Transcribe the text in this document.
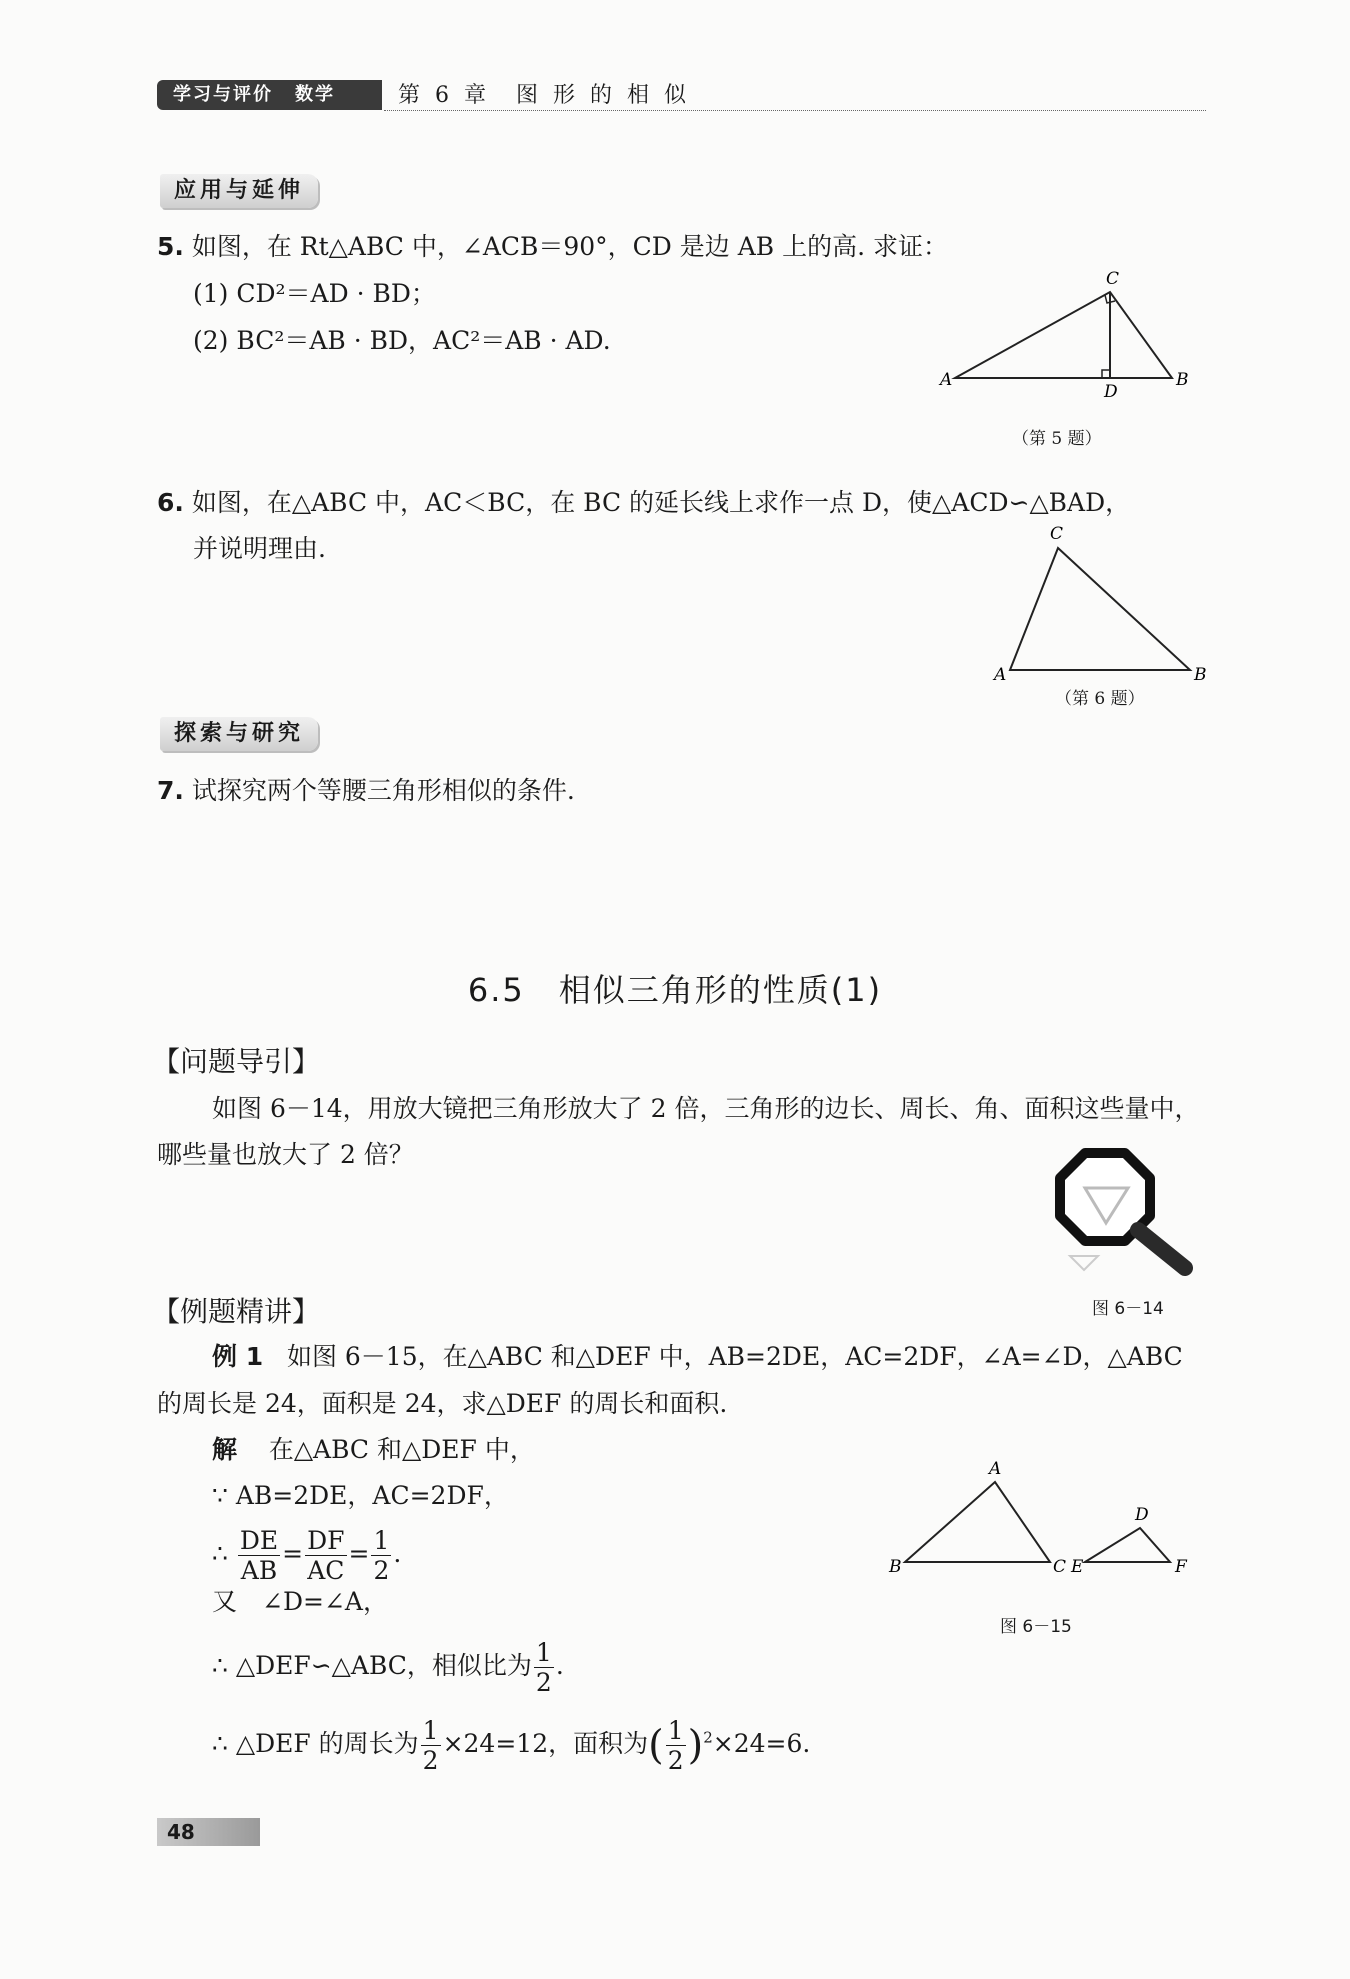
学习与评价 数学	第 6 章　图 形 的 相 似
应用与延伸
5. 如图，在 Rt△ABC 中，∠ACB＝90°，CD 是边 AB 上的高. 求证：
(1) CD²＝AD · BD；
(2) BC²＝AB · BD，AC²＝AB · AD.
A
C
B
D
（第 5 题）
6. 如图，在△ABC 中，AC＜BC，在 BC 的延长线上求作一点 D，使△ACD∽△BAD，
并说明理由.
A
C
B
（第 6 题）
探索与研究
7. 试探究两个等腰三角形相似的条件.
6.5　相似三角形的性质(1)
【问题导引】
如图 6－14，用放大镜把三角形放大了 2 倍，三角形的边长、周长、角、面积这些量中，
哪些量也放大了 2 倍？
图 6－14
【例题精讲】
例 1 如图 6－15，在△ABC 和△DEF 中，AB=2DE，AC=2DF，∠A=∠D，△ABC
的周长是 24，面积是 24，求△DEF 的周长和面积.
解 在△ABC 和△DEF 中，
∵ AB=2DE，AC=2DF，
∴ $\frac{DE}{AB} = \frac{DF}{AC} = \frac{1}{2}$ .
又　∠D=∠A，
∴ △DEF∽△ABC，相似比为 $\frac{1}{2}$ .
∴ △DEF 的周长为 $\frac{1}{2} \times 24=12$，面积为( $\frac{1}{2} )^2\times 24=6$.
A
B	C
D
E	F
图 6－15
48
